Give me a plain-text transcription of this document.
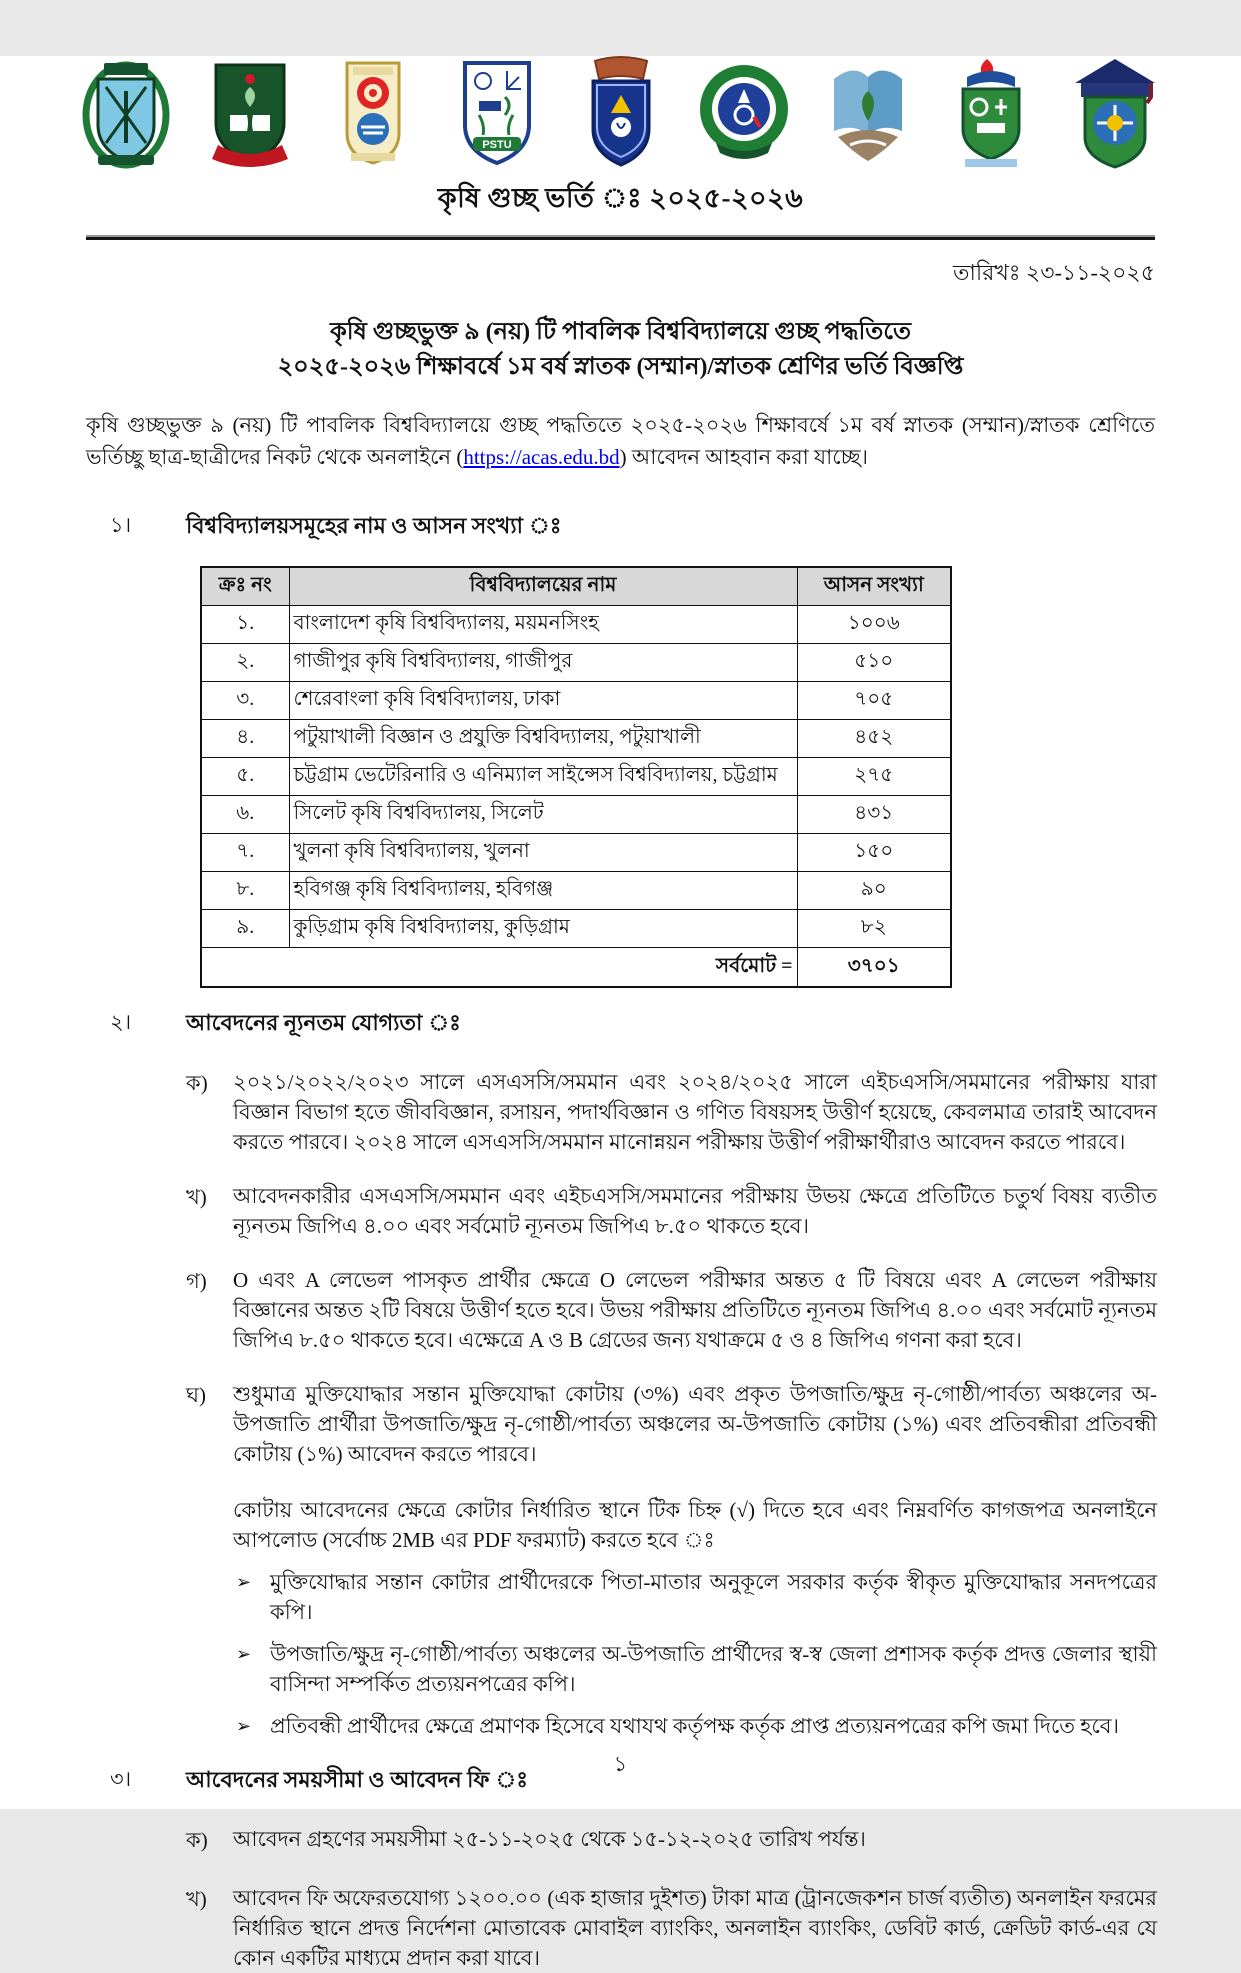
PSTU
কৃষি গুচ্ছ ভর্তি ঃ ২০২৫-২০২৬
তারিখঃ ২৩-১১-২০২৫
কৃষি গুচ্ছভুক্ত ৯ (নয়) টি পাবলিক বিশ্ববিদ্যালয়ে গুচ্ছ পদ্ধতিতে
২০২৫-২০২৬ শিক্ষাবর্ষে ১ম বর্ষ স্নাতক (সম্মান)/স্নাতক শ্রেণির ভর্তি বিজ্ঞপ্তি

কৃষি গুচ্ছভুক্ত ৯ (নয়) টি পাবলিক বিশ্ববিদ্যালয়ে গুচ্ছ পদ্ধতিতে ২০২৫-২০২৬ শিক্ষাবর্ষে ১ম বর্ষ স্নাতক (সম্মান)/স্নাতক শ্রেণিতে ভর্তিচ্ছু ছাত্র-ছাত্রীদের নিকট থেকে অনলাইনে (https://acas.edu.bd) আবেদন আহবান করা যাচ্ছে।

১।	বিশ্ববিদ্যালয়সমূহের নাম ও আসন সংখ্যা ঃ
ক্রঃ নং	বিশ্ববিদ্যালয়ের নাম	আসন সংখ্যা
১.	বাংলাদেশ কৃষি বিশ্ববিদ্যালয়, ময়মনসিংহ	১০০৬
২.	গাজীপুর কৃষি বিশ্ববিদ্যালয়, গাজীপুর	৫১০
৩.	শেরেবাংলা কৃষি বিশ্ববিদ্যালয়, ঢাকা	৭০৫
৪.	পটুয়াখালী বিজ্ঞান ও প্রযুক্তি বিশ্ববিদ্যালয়, পটুয়াখালী	৪৫২
৫.	চট্টগ্রাম ভেটেরিনারি ও এনিম্যাল সাইন্সেস বিশ্ববিদ্যালয়, চট্টগ্রাম	২৭৫
৬.	সিলেট কৃষি বিশ্ববিদ্যালয়, সিলেট	৪৩১
৭.	খুলনা কৃষি বিশ্ববিদ্যালয়, খুলনা	১৫০
৮.	হবিগঞ্জ কৃষি বিশ্ববিদ্যালয়, হবিগঞ্জ	৯০
৯.	কুড়িগ্রাম কৃষি বিশ্ববিদ্যালয়, কুড়িগ্রাম	৮২
সর্বমোট =		৩৭০১
২।	আবেদনের ন্যূনতম যোগ্যতা ঃ
ক)	২০২১/২০২২/২০২৩ সালে এসএসসি/সমমান এবং ২০২৪/২০২৫ সালে এইচএসসি/সমমানের পরীক্ষায় যারা বিজ্ঞান বিভাগ হতে জীববিজ্ঞান, রসায়ন, পদার্থবিজ্ঞান ও গণিত বিষয়সহ উত্তীর্ণ হয়েছে, কেবলমাত্র তারাই আবেদন করতে পারবে। ২০২৪ সালে এসএসসি/সমমান মানোন্নয়ন পরীক্ষায় উত্তীর্ণ পরীক্ষার্থীরাও আবেদন করতে পারবে।
খ)	আবেদনকারীর এসএসসি/সমমান এবং এইচএসসি/সমমানের পরীক্ষায় উভয় ক্ষেত্রে প্রতিটিতে চতুর্থ বিষয় ব্যতীত ন্যূনতম জিপিএ ৪.০০ এবং সর্বমোট ন্যূনতম জিপিএ ৮.৫০ থাকতে হবে।
গ)	O এবং A লেভেল পাসকৃত প্রার্থীর ক্ষেত্রে O লেভেল পরীক্ষার অন্তত ৫ টি বিষয়ে এবং A লেভেল পরীক্ষায় বিজ্ঞানের অন্তত ২টি বিষয়ে উত্তীর্ণ হতে হবে। উভয় পরীক্ষায় প্রতিটিতে ন্যূনতম জিপিএ ৪.০০ এবং সর্বমোট ন্যূনতম জিপিএ ৮.৫০ থাকতে হবে। এক্ষেত্রে A ও B গ্রেডের জন্য যথাক্রমে ৫ ও ৪ জিপিএ গণনা করা হবে।
ঘ)	শুধুমাত্র মুক্তিযোদ্ধার সন্তান মুক্তিযোদ্ধা কোটায় (৩%) এবং প্রকৃত উপজাতি/ক্ষুদ্র নৃ-গোষ্ঠী/পার্বত্য অঞ্চলের অ-উপজাতি প্রার্থীরা উপজাতি/ক্ষুদ্র নৃ-গোষ্ঠী/পার্বত্য অঞ্চলের অ-উপজাতি কোটায় (১%) এবং প্রতিবন্ধীরা প্রতিবন্ধী কোটায় (১%) আবেদন করতে পারবে।

কোটায় আবেদনের ক্ষেত্রে কোটার নির্ধারিত স্থানে টিক চিহ্ন (√) দিতে হবে এবং নিম্নবর্ণিত কাগজপত্র অনলাইনে আপলোড (সর্বোচ্চ 2MB এর PDF ফরম্যাট) করতে হবে ঃ

➢ মুক্তিযোদ্ধার সন্তান কোটার প্রার্থীদেরকে পিতা-মাতার অনুকূলে সরকার কর্তৃক স্বীকৃত মুক্তিযোদ্ধার সনদপত্রের কপি।
➢ উপজাতি/ক্ষুদ্র নৃ-গোষ্ঠী/পার্বত্য অঞ্চলের অ-উপজাতি প্রার্থীদের স্ব-স্ব জেলা প্রশাসক কর্তৃক প্রদত্ত জেলার স্থায়ী বাসিন্দা সম্পর্কিত প্রত্যয়নপত্রের কপি।
➢ প্রতিবন্ধী প্রার্থীদের ক্ষেত্রে প্রমাণক হিসেবে যথাযথ কর্তৃপক্ষ কর্তৃক প্রাপ্ত প্রত্যয়নপত্রের কপি জমা দিতে হবে।
৩।	আবেদনের সময়সীমা ও আবেদন ফি ঃ
ক)	আবেদন গ্রহণের সময়সীমা ২৫-১১-২০২৫ থেকে ১৫-১২-২০২৫ তারিখ পর্যন্ত।
খ)	আবেদন ফি অফেরতযোগ্য ১২০০.০০ (এক হাজার দুইশত) টাকা মাত্র (ট্রানজেকশন চার্জ ব্যতীত) অনলাইন ফরমের নির্ধারিত স্থানে প্রদত্ত নির্দেশনা মোতাবেক মোবাইল ব্যাংকিং, অনলাইন ব্যাংকিং, ডেবিট কার্ড, ক্রেডিট কার্ড-এর যে কোন একটির মাধ্যমে প্রদান করা যাবে।
১
